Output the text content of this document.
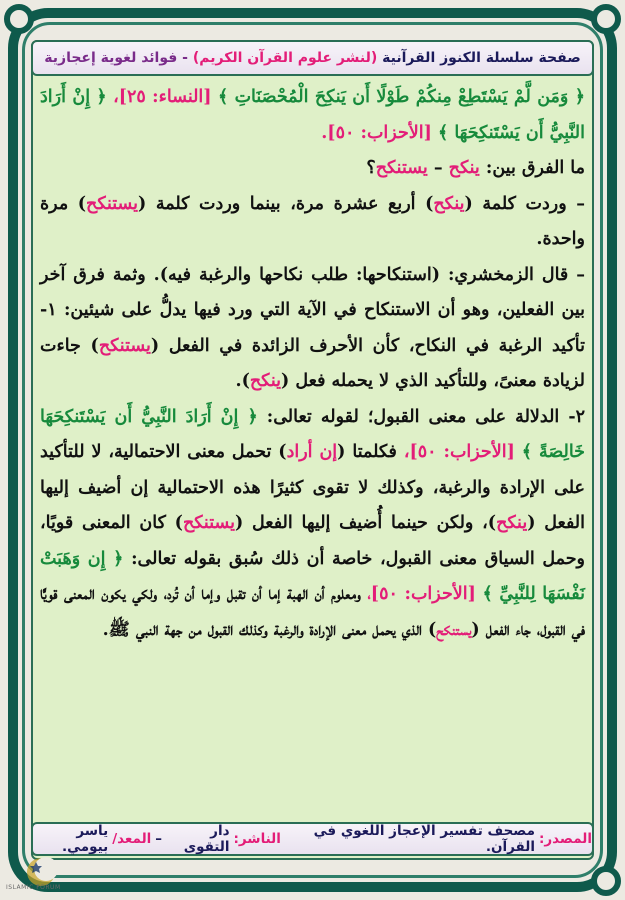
صفحة سلسلة الكنوز القرآنية

(لنشر علوم القرآن الكريم)

- فوائد لغوية إعجازية

﴿ وَمَن لَّمْ يَسْتَطِعْ مِنكُمْ طَوْلًا أَن يَنكِحَ الْمُحْصَنَاتِ ﴾ [النساء: ٢٥]، ﴿ إِنْ أَرَادَ النَّبِيُّ أَن يَسْتَنكِحَهَا ﴾ [الأحزاب: ٥٠].

ما الفرق بين: ينكح – يستنكح؟

– وردت كلمة (ينكح) أربع عشرة مرة، بينما وردت كلمة (يستنكح) مرة واحدة.

– قال الزمخشري: (استنكاحها: طلب نكاحها والرغبة فيه). وثمة فرق آخر بين الفعلين، وهو أن الاستنكاح في الآية التي ورد فيها يدلُّ على شيئين: ١- تأكيد الرغبة في النكاح، كأن الأحرف الزائدة في الفعل (يستنكح) جاءت لزيادة معنىً، وللتأكيد الذي لا يحمله فعل (ينكح).

٢- الدلالة على معنى القبول؛ لقوله تعالى: ﴿ إِنْ أَرَادَ النَّبِيُّ أَن يَسْتَنكِحَهَا خَالِصَةً ﴾ [الأحزاب: ٥٠]، فكلمتا (إن أراد) تحمل معنى الاحتمالية، لا للتأكيد على الإرادة والرغبة، وكذلك لا تقوى كثيرًا هذه الاحتمالية إن أضيف إليها الفعل (ينكح)، ولكن حينما أُضيف إليها الفعل (يستنكح) كان المعنى قويًا، وحمل السياق معنى القبول، خاصة أن ذلك سُبق بقوله تعالى: ﴿ إِن وَهَبَتْ نَفْسَهَا لِلنَّبِيِّ ﴾ [الأحزاب: ٥٠]، ومعلوم أن الهبة إما أن تقبل وإما أن تُرد، ولكي يكون المعنى قويًّا في القبول، جاء الفعل (يستنكح) الذي يحمل معنى الإرادة والرغبة وكذلك القبول من جهة النبي ﷺ.

المصدر:
مصحف تفسير الإعجاز اللغوي في القرآن.
الناشر:
دار التقوى
–
المعد/
ياسر بيومي.
ISLAMIC FORUM
